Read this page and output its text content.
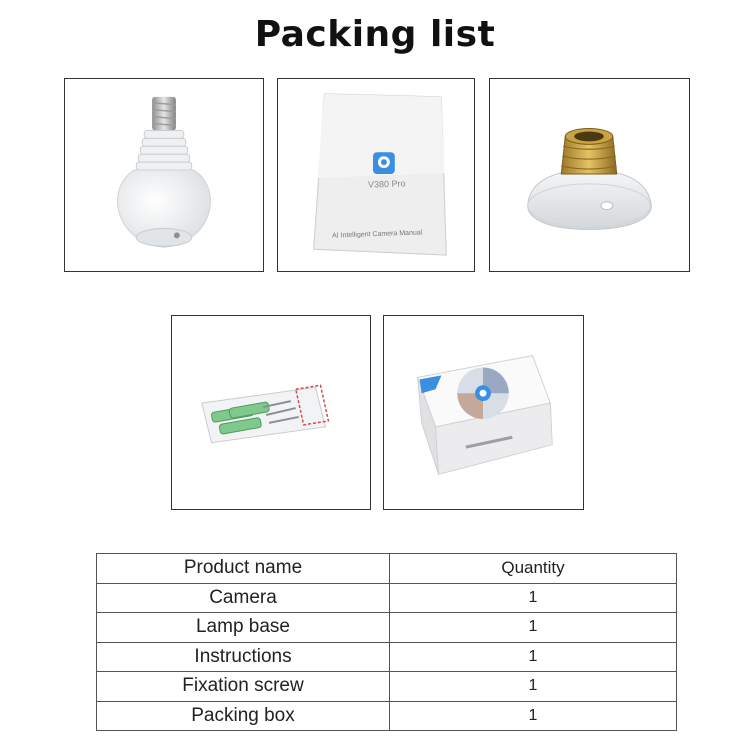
Packing list
V380 Pro
AI Intelligent Camera Manual
Product name	Quantity
Camera	1
Lamp base	1
Instructions	1
Fixation screw	1
Packing box	1
